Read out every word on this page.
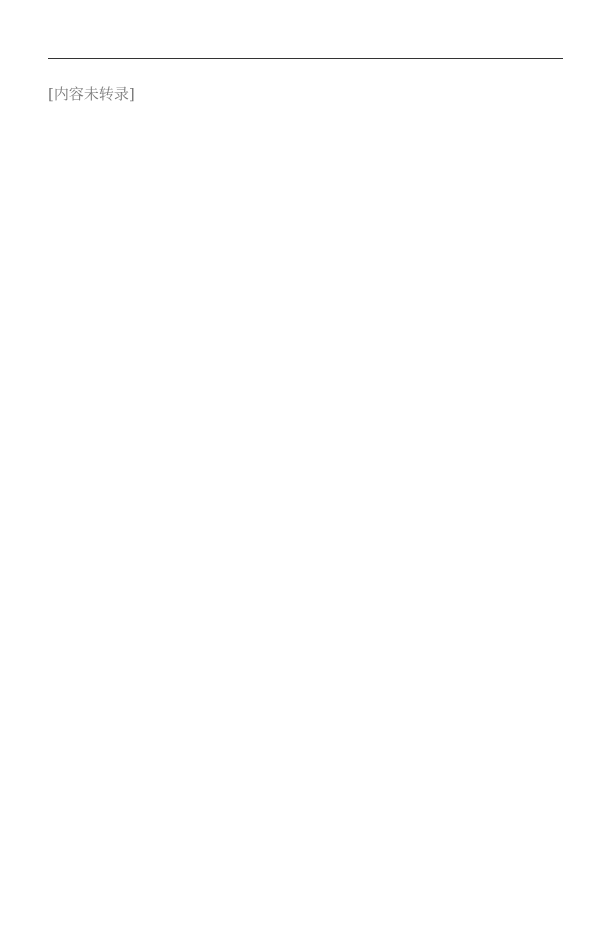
[内容未转录]
